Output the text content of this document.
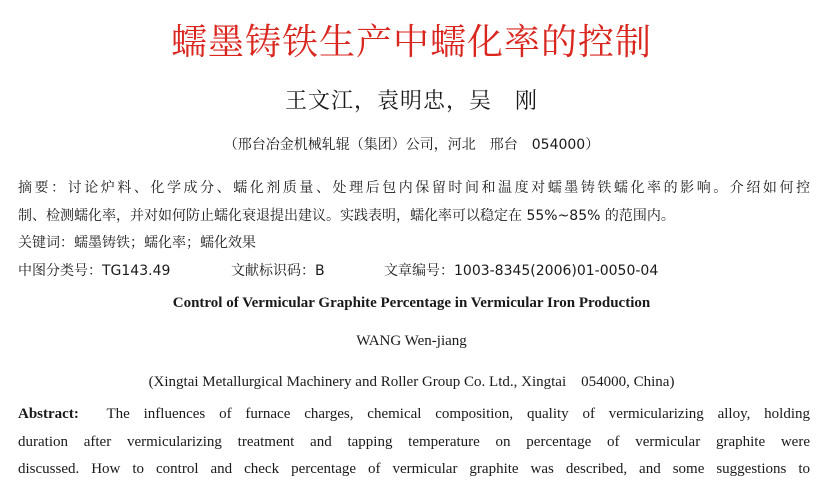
蠕墨铸铁生产中蠕化率的控制
王文江，袁明忠，吴　刚
（邢台冶金机械轧辊（集团）公司，河北　邢台　054000）
摘要：讨论炉料、化学成分、蠕化剂质量、处理后包内保留时间和温度对蠕墨铸铁蠕化率的影响。介绍如何控
制、检测蠕化率，并对如何防止蠕化衰退提出建议。实践表明，蠕化率可以稳定在 55%~85% 的范围内。
关键词：蠕墨铸铁；蠕化率；蠕化效果
中图分类号：TG143.49	文献标识码：B	文章编号：1003-8345(2006)01-0050-04
Control of Vermicular Graphite Percentage in Vermicular Iron Production
WANG Wen-jiang
(Xingtai Metallurgical Machinery and Roller Group Co. Ltd., Xingtai　054000, China)
Abstract: The influences of furnace charges, chemical composition, quality of vermicularizing alloy, holding
duration after vermicularizing treatment and tapping temperature on percentage of vermicular graphite were
discussed. How to control and check percentage of vermicular graphite was described, and some suggestions to
